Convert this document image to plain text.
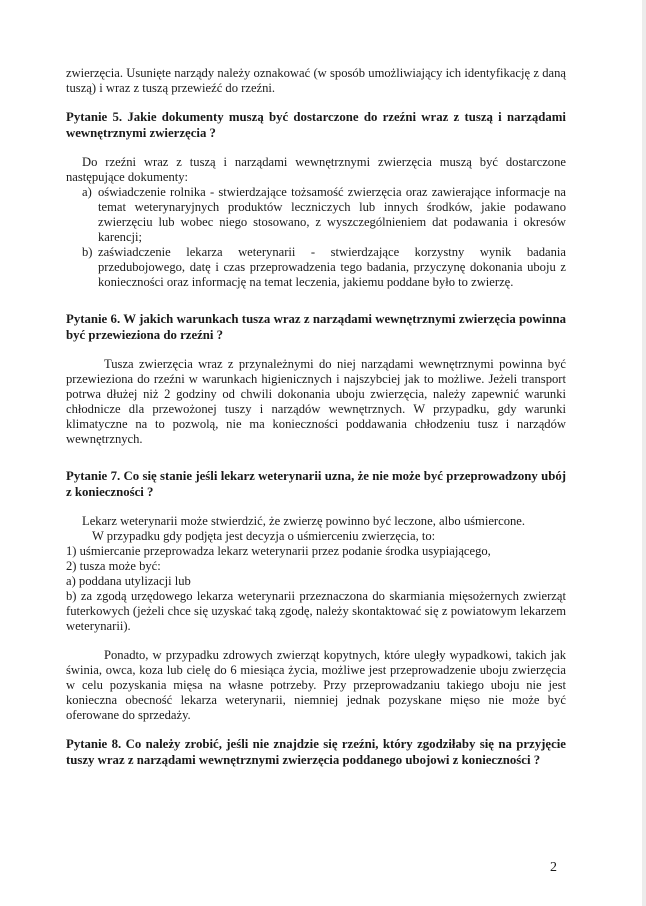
zwierzęcia. Usunięte narządy należy oznakować (w sposób umożliwiający ich identyfikację z daną tuszą) i wraz z tuszą przewieźć do rzeźni.

Pytanie 5. Jakie dokumenty muszą być dostarczone do rzeźni wraz z tuszą i narządami wewnętrznymi zwierzęcia ?

Do rzeźni wraz z tuszą i narządami wewnętrznymi zwierzęcia muszą być dostarczone następujące dokumenty:

a) oświadczenie rolnika - stwierdzające tożsamość zwierzęcia oraz zawierające informacje na temat weterynaryjnych produktów leczniczych lub innych środków, jakie podawano zwierzęciu lub wobec niego stosowano, z wyszczególnieniem dat podawania i okresów karencji;
b) zaświadczenie lekarza weterynarii - stwierdzające korzystny wynik badania przedubojowego, datę i czas przeprowadzenia tego badania, przyczynę dokonania uboju z konieczności oraz informację na temat leczenia, jakiemu poddane było to zwierzę.

Pytanie 6. W jakich warunkach tusza wraz z narządami wewnętrznymi zwierzęcia powinna być przewieziona do rzeźni ?

Tusza zwierzęcia wraz z przynależnymi do niej narządami wewnętrznymi powinna być przewieziona do rzeźni w warunkach higienicznych i najszybciej jak to możliwe. Jeżeli transport potrwa dłużej niż 2 godziny od chwili dokonania uboju zwierzęcia, należy zapewnić warunki chłodnicze dla przewożonej tuszy i narządów wewnętrznych. W przypadku, gdy warunki klimatyczne na to pozwolą, nie ma konieczności poddawania chłodzeniu tusz i narządów wewnętrznych.

Pytanie 7. Co się stanie jeśli lekarz weterynarii uzna, że nie może być przeprowadzony ubój z konieczności ?

Lekarz weterynarii może stwierdzić, że zwierzę powinno być leczone, albo uśmiercone.

W przypadku gdy podjęta jest decyzja o uśmierceniu zwierzęcia, to:

1) uśmiercanie przeprowadza lekarz weterynarii przez podanie środka usypiającego,

2) tusza może być:

a) poddana utylizacji lub

b) za zgodą urzędowego lekarza weterynarii przeznaczona do skarmiania mięsożernych zwierząt futerkowych (jeżeli chce się uzyskać taką zgodę, należy skontaktować się z powiatowym lekarzem weterynarii).

Ponadto, w przypadku zdrowych zwierząt kopytnych, które uległy wypadkowi, takich jak świnia, owca, koza lub cielę do 6 miesiąca życia, możliwe jest przeprowadzenie uboju zwierzęcia w celu pozyskania mięsa na własne potrzeby. Przy przeprowadzaniu takiego uboju nie jest konieczna obecność lekarza weterynarii, niemniej jednak pozyskane mięso nie może być oferowane do sprzedaży.

Pytanie 8. Co należy zrobić, jeśli nie znajdzie się rzeźni, który zgodziłaby się na przyjęcie tuszy wraz z narządami wewnętrznymi zwierzęcia poddanego ubojowi z konieczności ?

2
